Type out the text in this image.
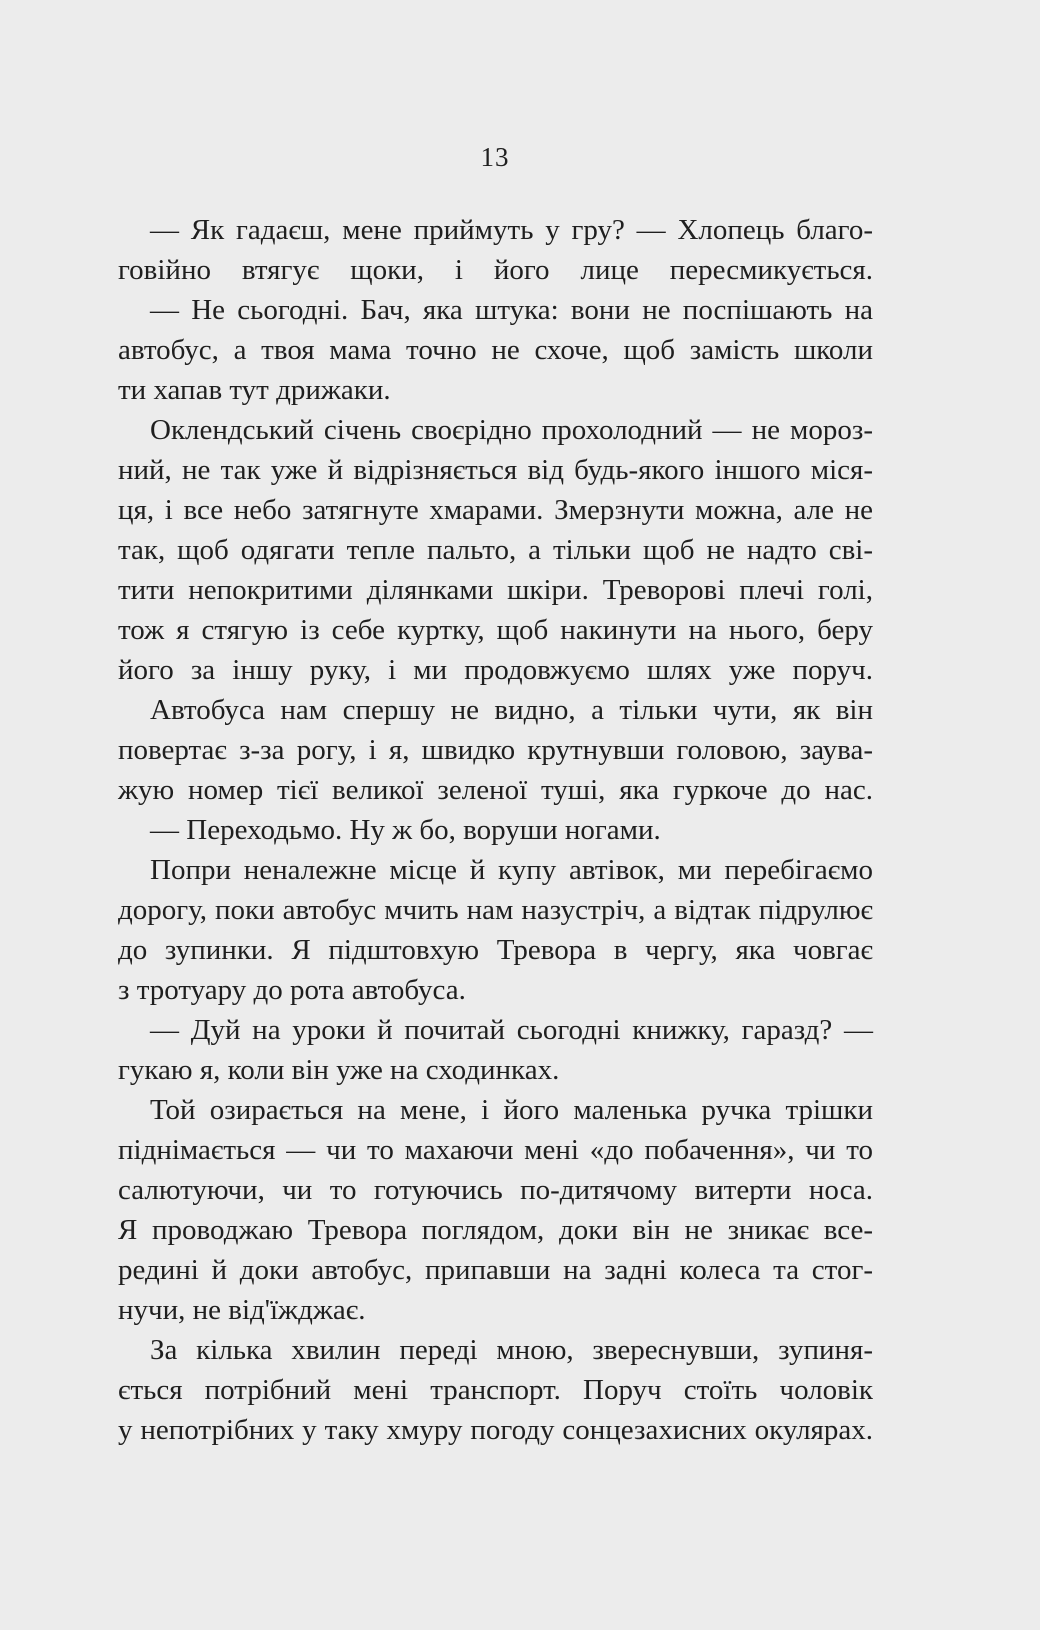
13
— Як гадаєш, мене приймуть у гру? — Хлопець благо-
говійно втягує щоки, і його лице пересмикується.
— Не сьогодні. Бач, яка штука: вони не поспішають на
автобус, а твоя мама точно не схоче, щоб замість школи
ти хапав тут дрижаки.
Оклендський січень своєрідно прохолодний — не мороз-
ний, не так уже й відрізняється від будь-якого іншого міся-
ця, і все небо затягнуте хмарами. Змерзнути можна, але не
так, щоб одягати тепле пальто, а тільки щоб не надто сві-
тити непокритими ділянками шкіри. Треворові плечі голі,
тож я стягую із себе куртку, щоб накинути на нього, беру
його за іншу руку, і ми продовжуємо шлях уже поруч.
Автобуса нам спершу не видно, а тільки чути, як він
повертає з-за рогу, і я, швидко крутнувши головою, заува-
жую номер тієї великої зеленої туші, яка гуркоче до нас.
— Переходьмо. Ну ж бо, воруши ногами.
Попри неналежне місце й купу автівок, ми перебігаємо
дорогу, поки автобус мчить нам назустріч, а відтак підрулює
до зупинки. Я підштовхую Тревора в чергу, яка човгає
з тротуару до рота автобуса.
— Дуй на уроки й почитай сьогодні книжку, гаразд? —
гукаю я, коли він уже на сходинках.
Той озирається на мене, і його маленька ручка трішки
піднімається — чи то махаючи мені «до побачення», чи то
салютуючи, чи то готуючись по-дитячому витерти носа.
Я проводжаю Тревора поглядом, доки він не зникає все-
редині й доки автобус, припавши на задні колеса та стог-
нучи, не від'їжджає.
За кілька хвилин переді мною, зверeснувши, зупиня-
ється потрібний мені транспорт. Поруч стоїть чоловік
у непотрібних у таку хмуру погоду сонцезахисних окулярах.
